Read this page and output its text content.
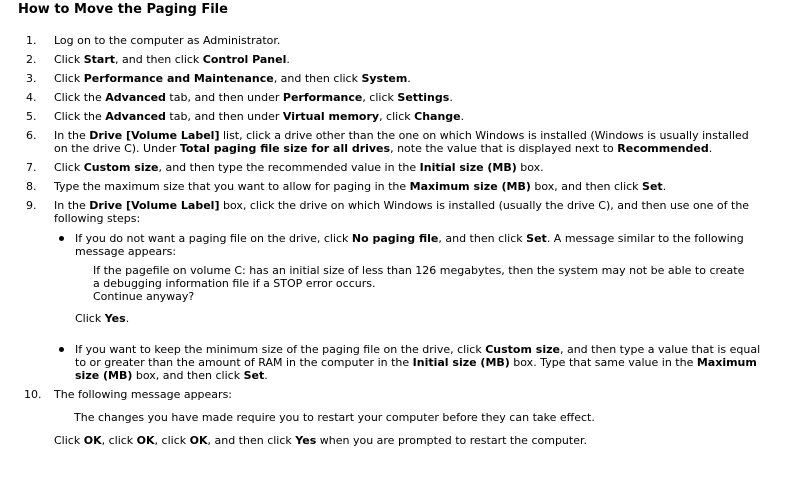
How to Move the Paging File
1.	Log on to the computer as Administrator.
2.	Click Start, and then click Control Panel.
3.	Click Performance and Maintenance, and then click System.
4.	Click the Advanced tab, and then under Performance, click Settings.
5.	Click the Advanced tab, and then under Virtual memory, click Change.
6.	In the Drive [Volume Label] list, click a drive other than the one on which Windows is installed (Windows is usually installed on the drive C). Under Total paging file size for all drives, note the value that is displayed next to Recommended.
7.	Click Custom size, and then type the recommended value in the Initial size (MB) box.
8.	Type the maximum size that you want to allow for paging in the Maximum size (MB) box, and then click Set.
9.	In the Drive [Volume Label] box, click the drive on which Windows is installed (usually the drive C), and then use one of the following steps:
If you do not want a paging file on the drive, click No paging file, and then click Set. A message similar to the following message appears:
If the pagefile on volume C: has an initial size of less than 126 megabytes, then the system may not be able to create a debugging information file if a STOP error occurs.
Continue anyway?
Click Yes.
If you want to keep the minimum size of the paging file on the drive, click Custom size, and then type a value that is equal to or greater than the amount of RAM in the computer in the Initial size (MB) box. Type that same value in the Maximum size (MB) box, and then click Set.
10.	The following message appears:
The changes you have made require you to restart your computer before they can take effect.
Click OK, click OK, click OK, and then click Yes when you are prompted to restart the computer.
